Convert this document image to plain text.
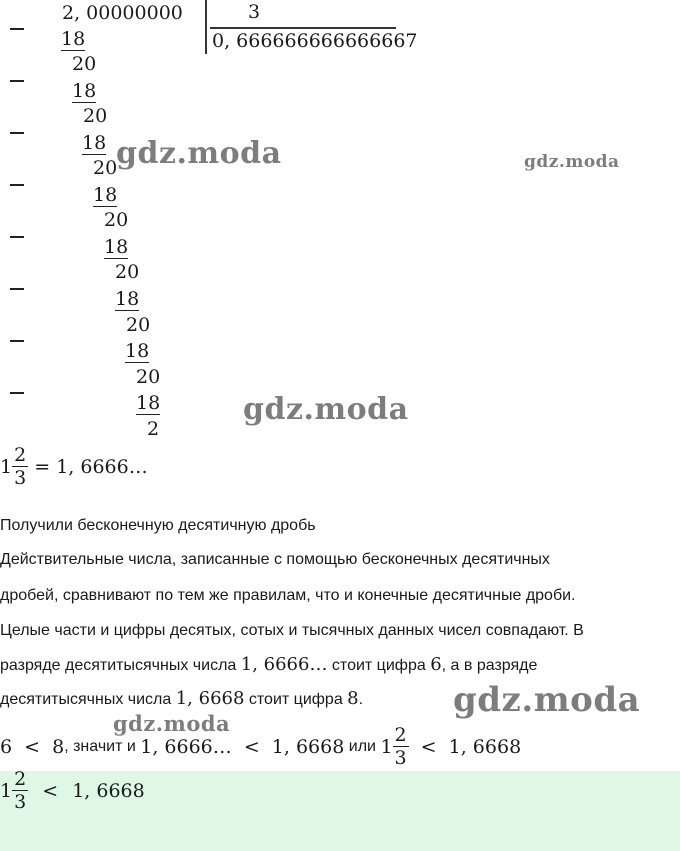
2, 00000000	3
0, 666666666666667
18
20
18
20
18
20
18
20
18
20
18
20
18
20
18
2
gdz.moda	gdz.moda
gdz.moda
gdz.moda
gdz.moda
$1 \frac{2}{3} = 1$, 6666…
Получили бесконечную десятичную дробь
Действительные числа, записанные с помощью бесконечных десятичных
дробей, сравнивают по тем же правилам, что и конечные десятичные дроби.
Целые части и цифры десятых, сотых и тысячных данных чисел совпадают. В
разряде десятитысячных числа 1, 6666… стоит цифра 6, а в разряде
десятитысячных числа 1, 6668 стоит цифра 8.
6 < 8, значит и 1, 6666… < 1, 6668 или $1 \frac{2}{3} < 1$, 6668
$1 \frac{2}{3} < 1$, 6668
